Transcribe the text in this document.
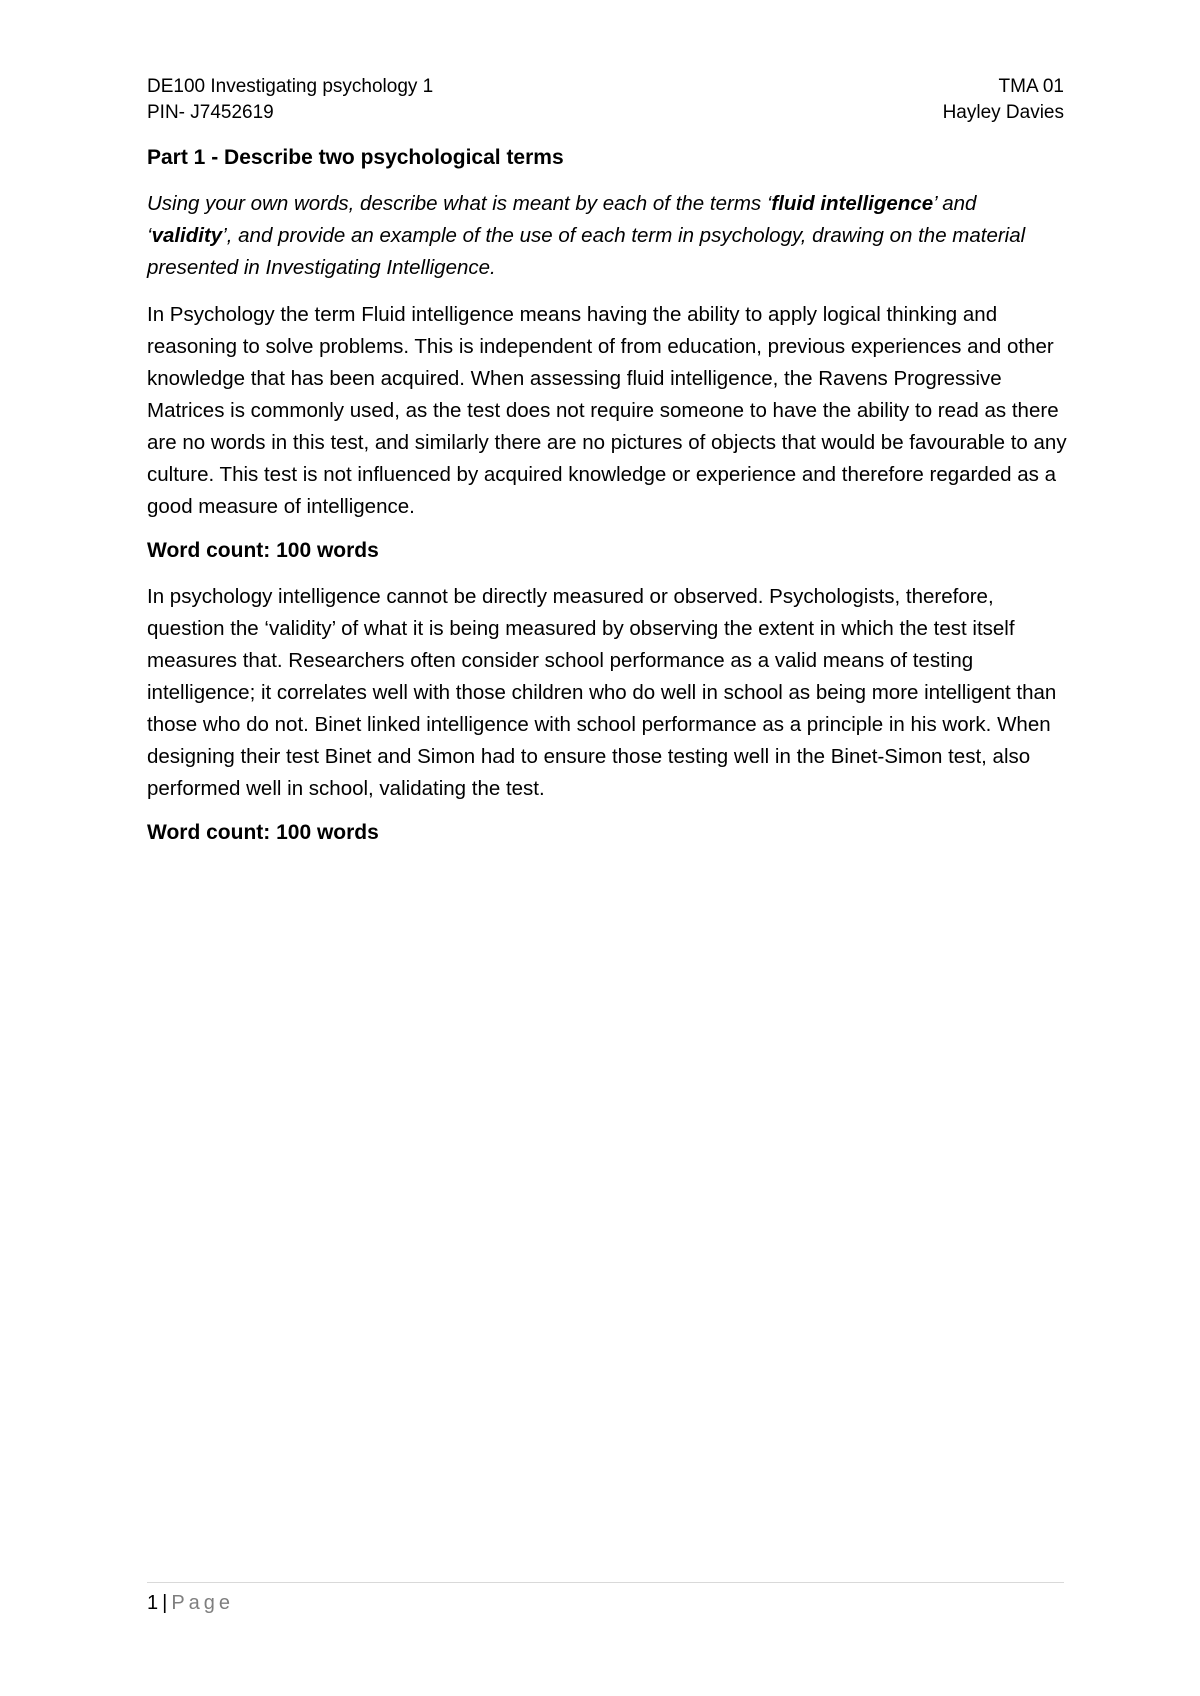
DE100 Investigating psychology 1	TMA 01
PIN- J7452619	Hayley Davies

Part 1 - Describe two psychological terms

Using your own words, describe what is meant by each of the terms ‘fluid intelligence’ and ‘validity’, and provide an example of the use of each term in psychology, drawing on the material presented in Investigating Intelligence.

In Psychology the term Fluid intelligence means having the ability to apply logical thinking and reasoning to solve problems. This is independent of from education, previous experiences and other knowledge that has been acquired. When assessing fluid intelligence, the Ravens Progressive Matrices is commonly used, as the test does not require someone to have the ability to read as there are no words in this test, and similarly there are no pictures of objects that would be favourable to any culture. This test is not influenced by acquired knowledge or experience and therefore regarded as a good measure of intelligence.

Word count: 100 words

In psychology intelligence cannot be directly measured or observed. Psychologists, therefore, question the ‘validity’ of what it is being measured by observing the extent in which the test itself measures that. Researchers often consider school performance as a valid means of testing intelligence; it correlates well with those children who do well in school as being more intelligent than those who do not. Binet linked intelligence with school performance as a principle in his work. When designing their test Binet and Simon had to ensure those testing well in the Binet-Simon test, also performed well in school, validating the test.

Word count: 100 words

1 | Page
